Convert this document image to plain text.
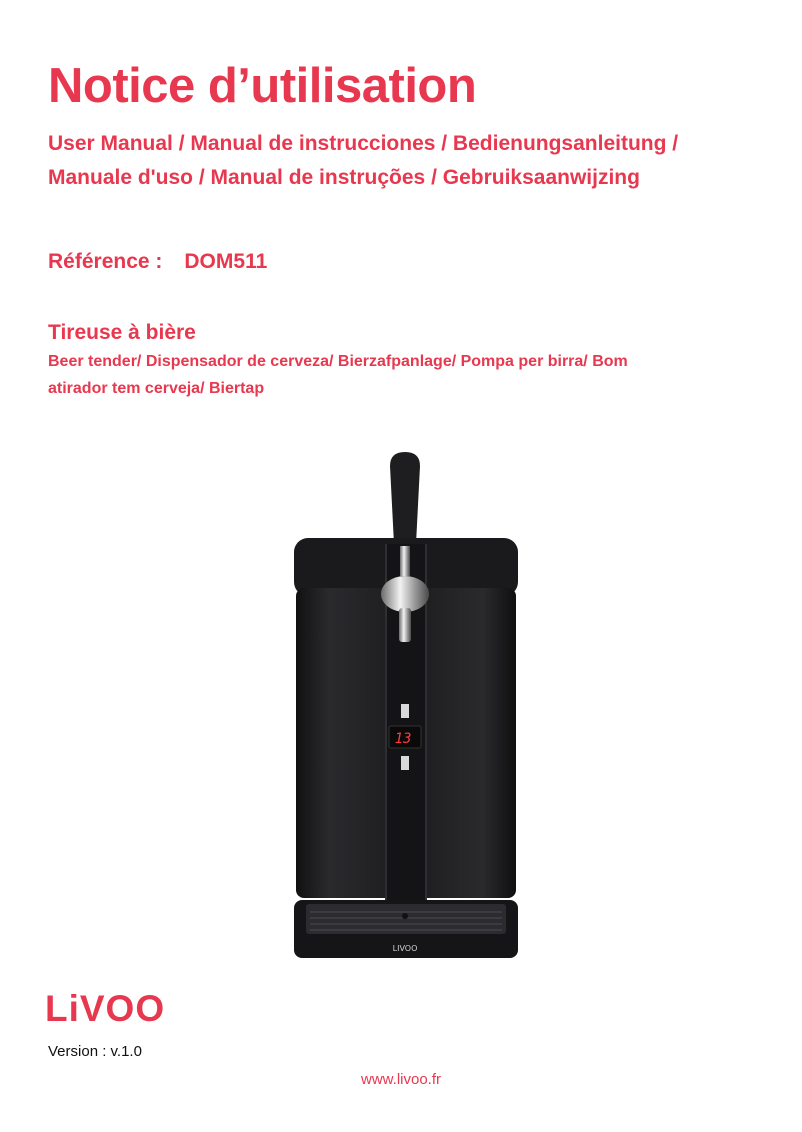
Notice d’utilisation
User Manual / Manual de instrucciones / Bedienungsanleitung /
Manuale d'uso / Manual de instruções / Gebruiksaanwijzing
Référence : DOM511
Tireuse à bière
Beer tender/ Dispensador de cerveza/ Bierzafpanlage/ Pompa per birra/ Bom
atirador tem cerveja/ Biertap
13
LIVOO
LiVOO
Version : v.1.0
www.livoo.fr
